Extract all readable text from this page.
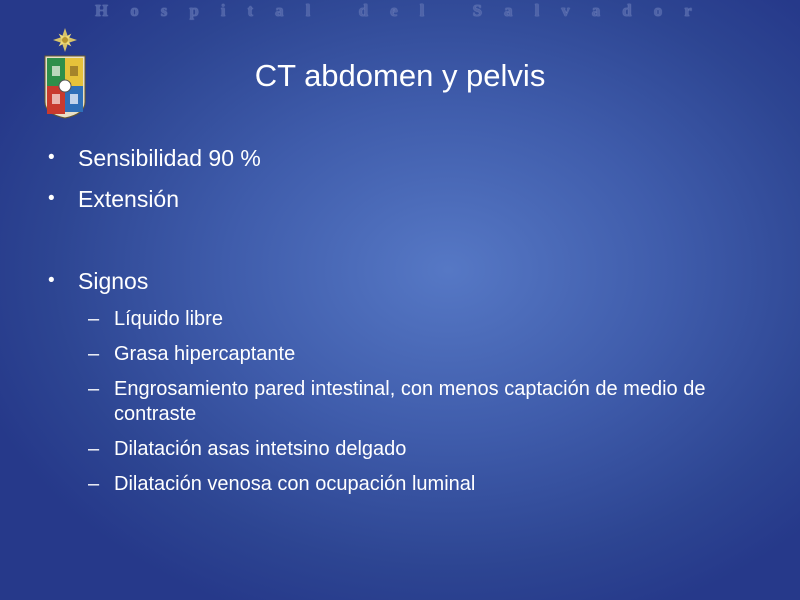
Hospital del Salvador
CT abdomen y pelvis
• Sensibilidad 90 %
• Extensión
• Signos
– Líquido libre
– Grasa hipercaptante
– Engrosamiento pared intestinal, con menos captación de medio de contraste
– Dilatación asas intetsino delgado
– Dilatación venosa con ocupación luminal
